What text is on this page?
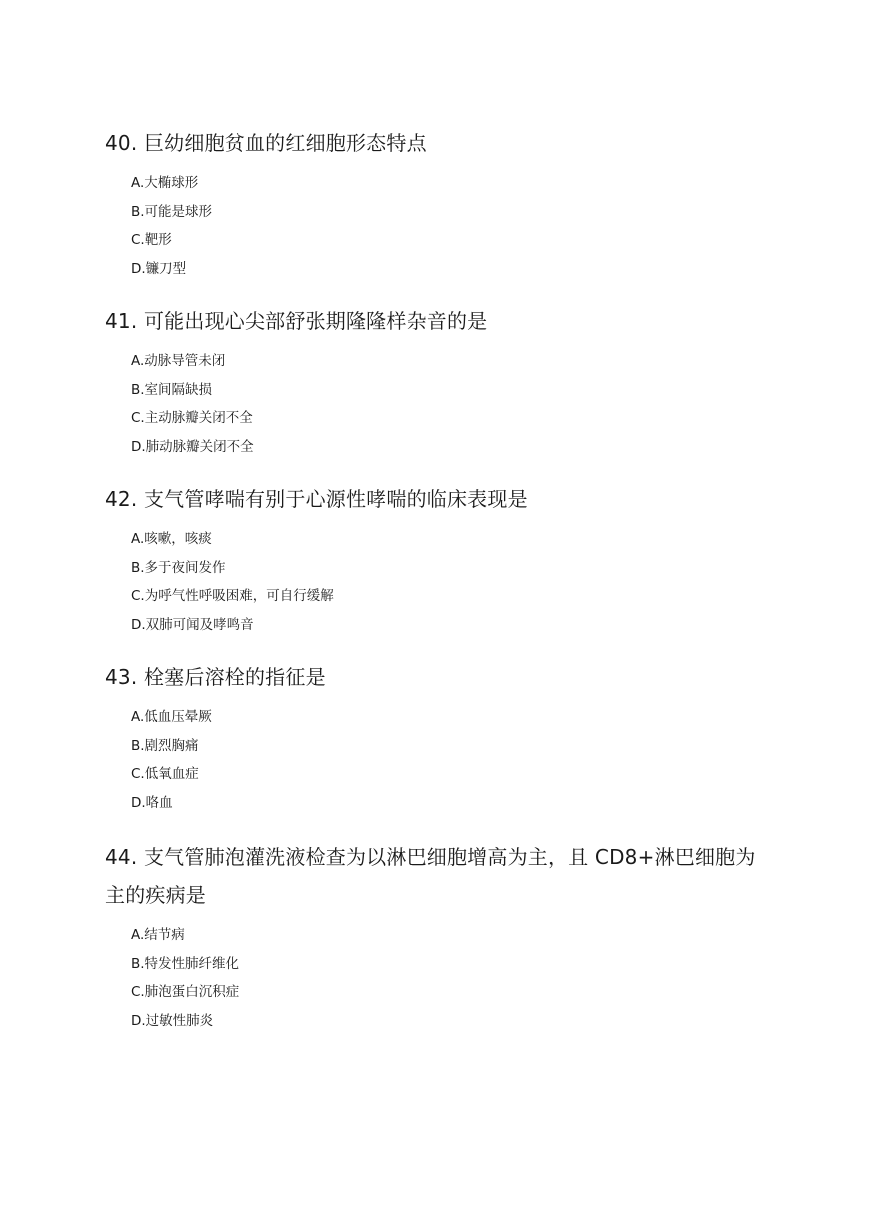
40. 巨幼细胞贫血的红细胞形态特点
A.大椭球形
B.可能是球形
C.靶形
D.镰刀型
41. 可能出现心尖部舒张期隆隆样杂音的是
A.动脉导管未闭
B.室间隔缺损
C.主动脉瓣关闭不全
D.肺动脉瓣关闭不全
42. 支气管哮喘有别于心源性哮喘的临床表现是
A.咳嗽，咳痰
B.多于夜间发作
C.为呼气性呼吸困难，可自行缓解
D.双肺可闻及哮鸣音
43. 栓塞后溶栓的指征是
A.低血压晕厥
B.剧烈胸痛
C.低氧血症
D.咯血
44. 支气管肺泡灌洗液检查为以淋巴细胞增高为主，且 CD8+淋巴细胞为主的疾病是
A.结节病
B.特发性肺纤维化
C.肺泡蛋白沉积症
D.过敏性肺炎
